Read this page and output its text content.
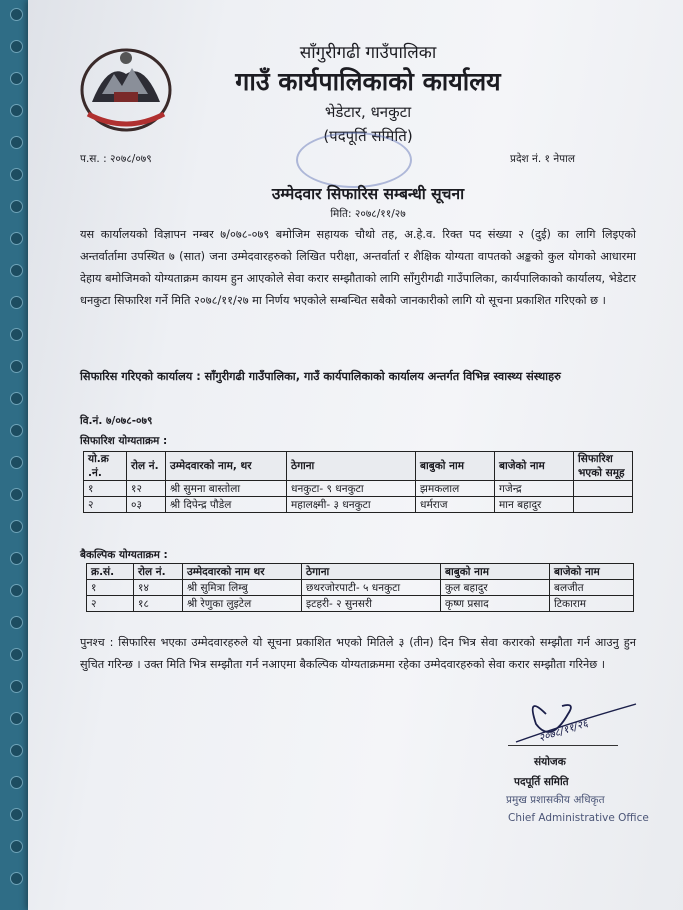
साँगुरीगढी गाउँपालिका
गाउँ कार्यपालिकाको कार्यालय
भेडेटार, धनकुटा
(पदपूर्ति समिति)
प.स. : २०७८/०७९	प्रदेश नं. १ नेपाल
उम्मेदवार सिफारिस सम्बन्धी सूचना
मिति: २०७८/११/२७
यस कार्यालयको विज्ञापन नम्बर ७/०७८-०७९ बमोजिम सहायक चौथो तह, अ.हे.व. रिक्त पद संख्या २ (दुई) का लागि लिइएको अन्तर्वार्तामा उपस्थित ७ (सात) जना उम्मेदवारहरुको लिखित परीक्षा, अन्तर्वार्ता र शैक्षिक योग्यता वापतको अङ्कको कुल योगको आधारमा देहाय बमोजिमको योग्यताक्रम कायम हुन आएकोले सेवा करार सम्झौताको लागि साँगुरीगढी गाउँपालिका, कार्यपालिकाको कार्यालय, भेडेटार धनकुटा सिफारिश गर्ने मिति २०७८/११/२७ मा निर्णय भएकोले सम्बन्धित सबैको जानकारीको लागि यो सूचना प्रकाशित गरिएको छ ।
सिफारिस गरिएको कार्यालय : साँगुरीगढी गाउँपालिका, गाउँ कार्यपालिकाको कार्यालय अन्तर्गत विभिन्न स्वास्थ्य संस्थाहरु
वि.नं. ७/०७८-०७९
सिफारिश योग्यताक्रम :
यो.क्र .नं.	रोल नं.	उम्मेदवारको नाम, थर	ठेगाना	बाबुको नाम	बाजेको नाम	सिफारिश भएको समूह
१	१२	श्री सुमना बास्तोला	धनकुटा- ९ धनकुटा	झमकलाल	गजेन्द्र	
२	०३	श्री दिपेन्द्र पौडेल	महालक्ष्मी- ३ धनकुटा	धर्मराज	मान बहादुर	
बैकल्पिक योग्यताक्रम :
क्र.सं.	रोल नं.	उम्मेदवारको नाम थर	ठेगाना	बाबुको नाम	बाजेको नाम
१	१४	श्री सुमित्रा लिम्बु	छथरजोरपाटी- ५ धनकुटा	कुल बहादुर	बलजीत
२	१८	श्री रेणुका लुइटेल	इटहरी- २ सुनसरी	कृष्ण प्रसाद	टिकाराम
पुनश्च : सिफारिस भएका उम्मेदवारहरुले यो सूचना प्रकाशित भएको मितिले ३ (तीन) दिन भित्र सेवा करारको सम्झौता गर्न आउनु हुन सुचित गरिन्छ । उक्त मिति भित्र सम्झौता गर्न नआएमा बैकल्पिक योग्यताक्रममा रहेका उम्मेदवारहरुको सेवा करार सम्झौता गरिनेछ ।
२०७८/११/२६
संयोजक
पदपूर्ति समिति
प्रमुख प्रशासकीय अधिकृत
Chief Administrative Office
